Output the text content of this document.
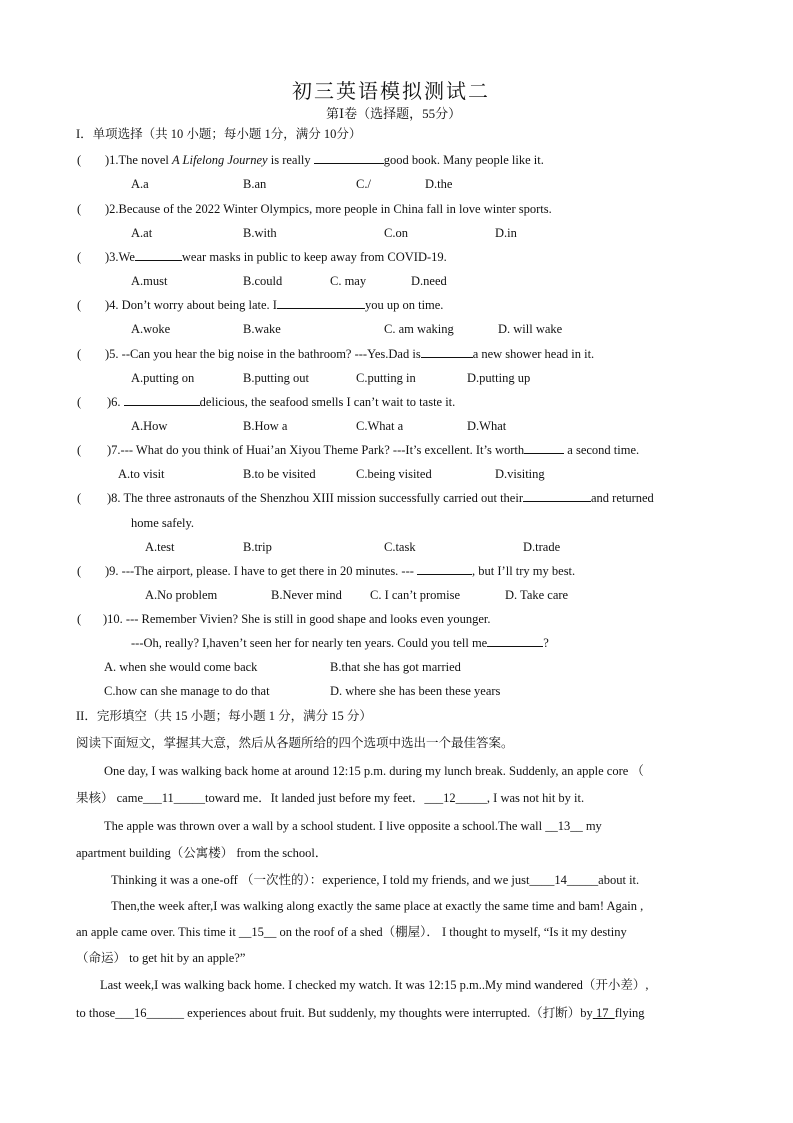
初三英语模拟测试二
第Ⅰ卷（选择题，55分）
I．单项选择（共 10 小题；每小题 1分，满分 10分）
( )1.The novel A Lifelong Journey is really	good book. Many people like it.
A.a	B.an	C./	D.the
( )2.Because of the 2022 Winter Olympics, more people in China fall in love winter sports.
A.at	B.with	C.on	D.in
( )3.We	wear masks in public to keep away from COVID-19.
A.must	B.could	C. may	D.need
( )4. Don’t worry about being late. I	you up on time.
A.woke	B.wake	C. am waking	D. will wake
( )5. --Can you hear the big noise in the bathroom? ---Yes.Dad is	a new shower head in it.
A.putting on	B.putting out	C.putting in	D.putting up
( )6.	delicious, the seafood smells I can’t wait to taste it.
A.How	B.How a	C.What a	D.What
( )7.--- What do you think of Huai’an Xiyou Theme Park? ---It’s excellent. It’s worth	a second time.
A.to visit	B.to be visited	C.being visited	D.visiting
( )8. The three astronauts of the Shenzhou XIII mission successfully carried out their	and returned
home safely.
A.test	B.trip	C.task	D.trade
( )9. ---The airport, please. I have to get there in 20 minutes. ---	, but I’ll try my best.
A.No problem	B.Never mind C. I can’t promise	D. Take care
( )10. --- Remember Vivien? She is still in good shape and looks even younger.
---Oh, really? I,haven’t seen her for nearly ten years. Could you tell me	?
A. when she would come back	B.that she has got married
C.how can she manage to do that	D. where she has been these years
II．完形填空（共 15 小题；每小题 1 分，满分 15 分）
阅读下面短文，掌握其大意，然后从各题所给的四个选项中选出一个最佳答案。
One day, I was walking back home at around 12:15 p.m. during my lunch break. Suddenly, an apple core （
果核） came___11_____toward me．It landed just before my feet．___12_____, I was not hit by it.
The apple was thrown over a wall by a school student. I live opposite a school.The wall __13__ my
apartment building（公寓楼） from the school．
Thinking it was a one-off （一次性的）：experience, I told my friends, and we just____14_____about it.
Then,the week after,I was walking along exactly the same place at exactly the same time and bam! Again ,
an apple came over. This time it __15__ on the roof of a shed（棚屋）． I thought to myself, “Is it my destiny
（命运） to get hit by an apple?”
Last week,I was walking back home. I checked my watch. It was 12:15 p.m..My mind wandered（开小差）,
to those___16______ experiences about fruit. But suddenly, my thoughts were interrupted.（打断）by 17 flying
